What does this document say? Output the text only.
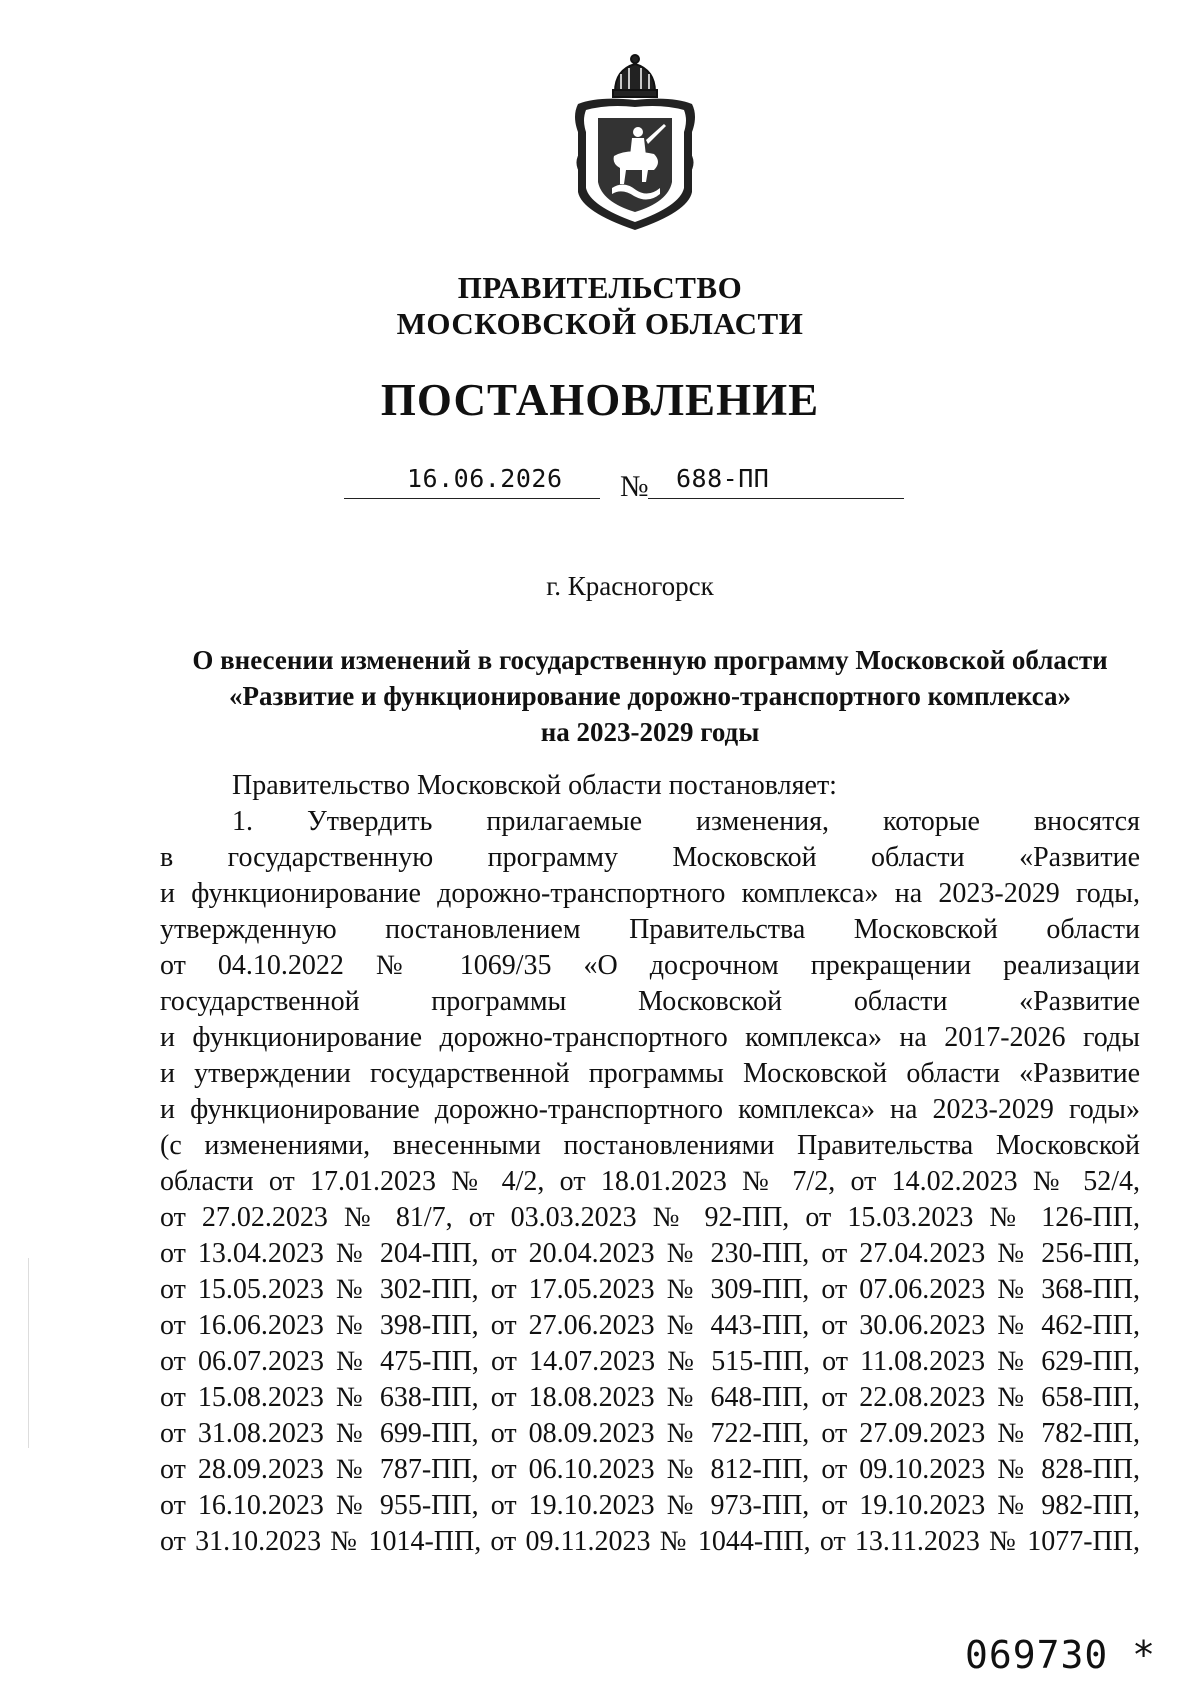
ПРАВИТЕЛЬСТВО
МОСКОВСКОЙ ОБЛАСТИ
ПОСТАНОВЛЕНИЕ
16.06.2026 № 688-ПП
г. Красногорск
О внесении изменений в государственную программу Московской области
«Развитие и функционирование дорожно-транспортного комплекса»
на 2023-2029 годы
Правительство Московской области постановляет:
1. Утвердить прилагаемые изменения, которые вносятся
в государственную программу Московской области «Развитие
и функционирование дорожно-транспортного комплекса» на 2023-2029 годы,
утвержденную постановлением Правительства Московской области
от 04.10.2022 № 1069/35 «О досрочном прекращении реализации
государственной программы Московской области «Развитие
и функционирование дорожно-транспортного комплекса» на 2017-2026 годы
и утверждении государственной программы Московской области «Развитие
и функционирование дорожно-транспортного комплекса» на 2023-2029 годы»
(с изменениями, внесенными постановлениями Правительства Московской
области от 17.01.2023 № 4/2, от 18.01.2023 № 7/2, от 14.02.2023 № 52/4,
от 27.02.2023 № 81/7, от 03.03.2023 № 92-ПП, от 15.03.2023 № 126-ПП,
от 13.04.2023 № 204-ПП, от 20.04.2023 № 230-ПП, от 27.04.2023 № 256-ПП,
от 15.05.2023 № 302-ПП, от 17.05.2023 № 309-ПП, от 07.06.2023 № 368-ПП,
от 16.06.2023 № 398-ПП, от 27.06.2023 № 443-ПП, от 30.06.2023 № 462-ПП,
от 06.07.2023 № 475-ПП, от 14.07.2023 № 515-ПП, от 11.08.2023 № 629-ПП,
от 15.08.2023 № 638-ПП, от 18.08.2023 № 648-ПП, от 22.08.2023 № 658-ПП,
от 31.08.2023 № 699-ПП, от 08.09.2023 № 722-ПП, от 27.09.2023 № 782-ПП,
от 28.09.2023 № 787-ПП, от 06.10.2023 № 812-ПП, от 09.10.2023 № 828-ПП,
от 16.10.2023 № 955-ПП, от 19.10.2023 № 973-ПП, от 19.10.2023 № 982-ПП,
от 31.10.2023 № 1014-ПП, от 09.11.2023 № 1044-ПП, от 13.11.2023 № 1077-ПП,
069730 *
